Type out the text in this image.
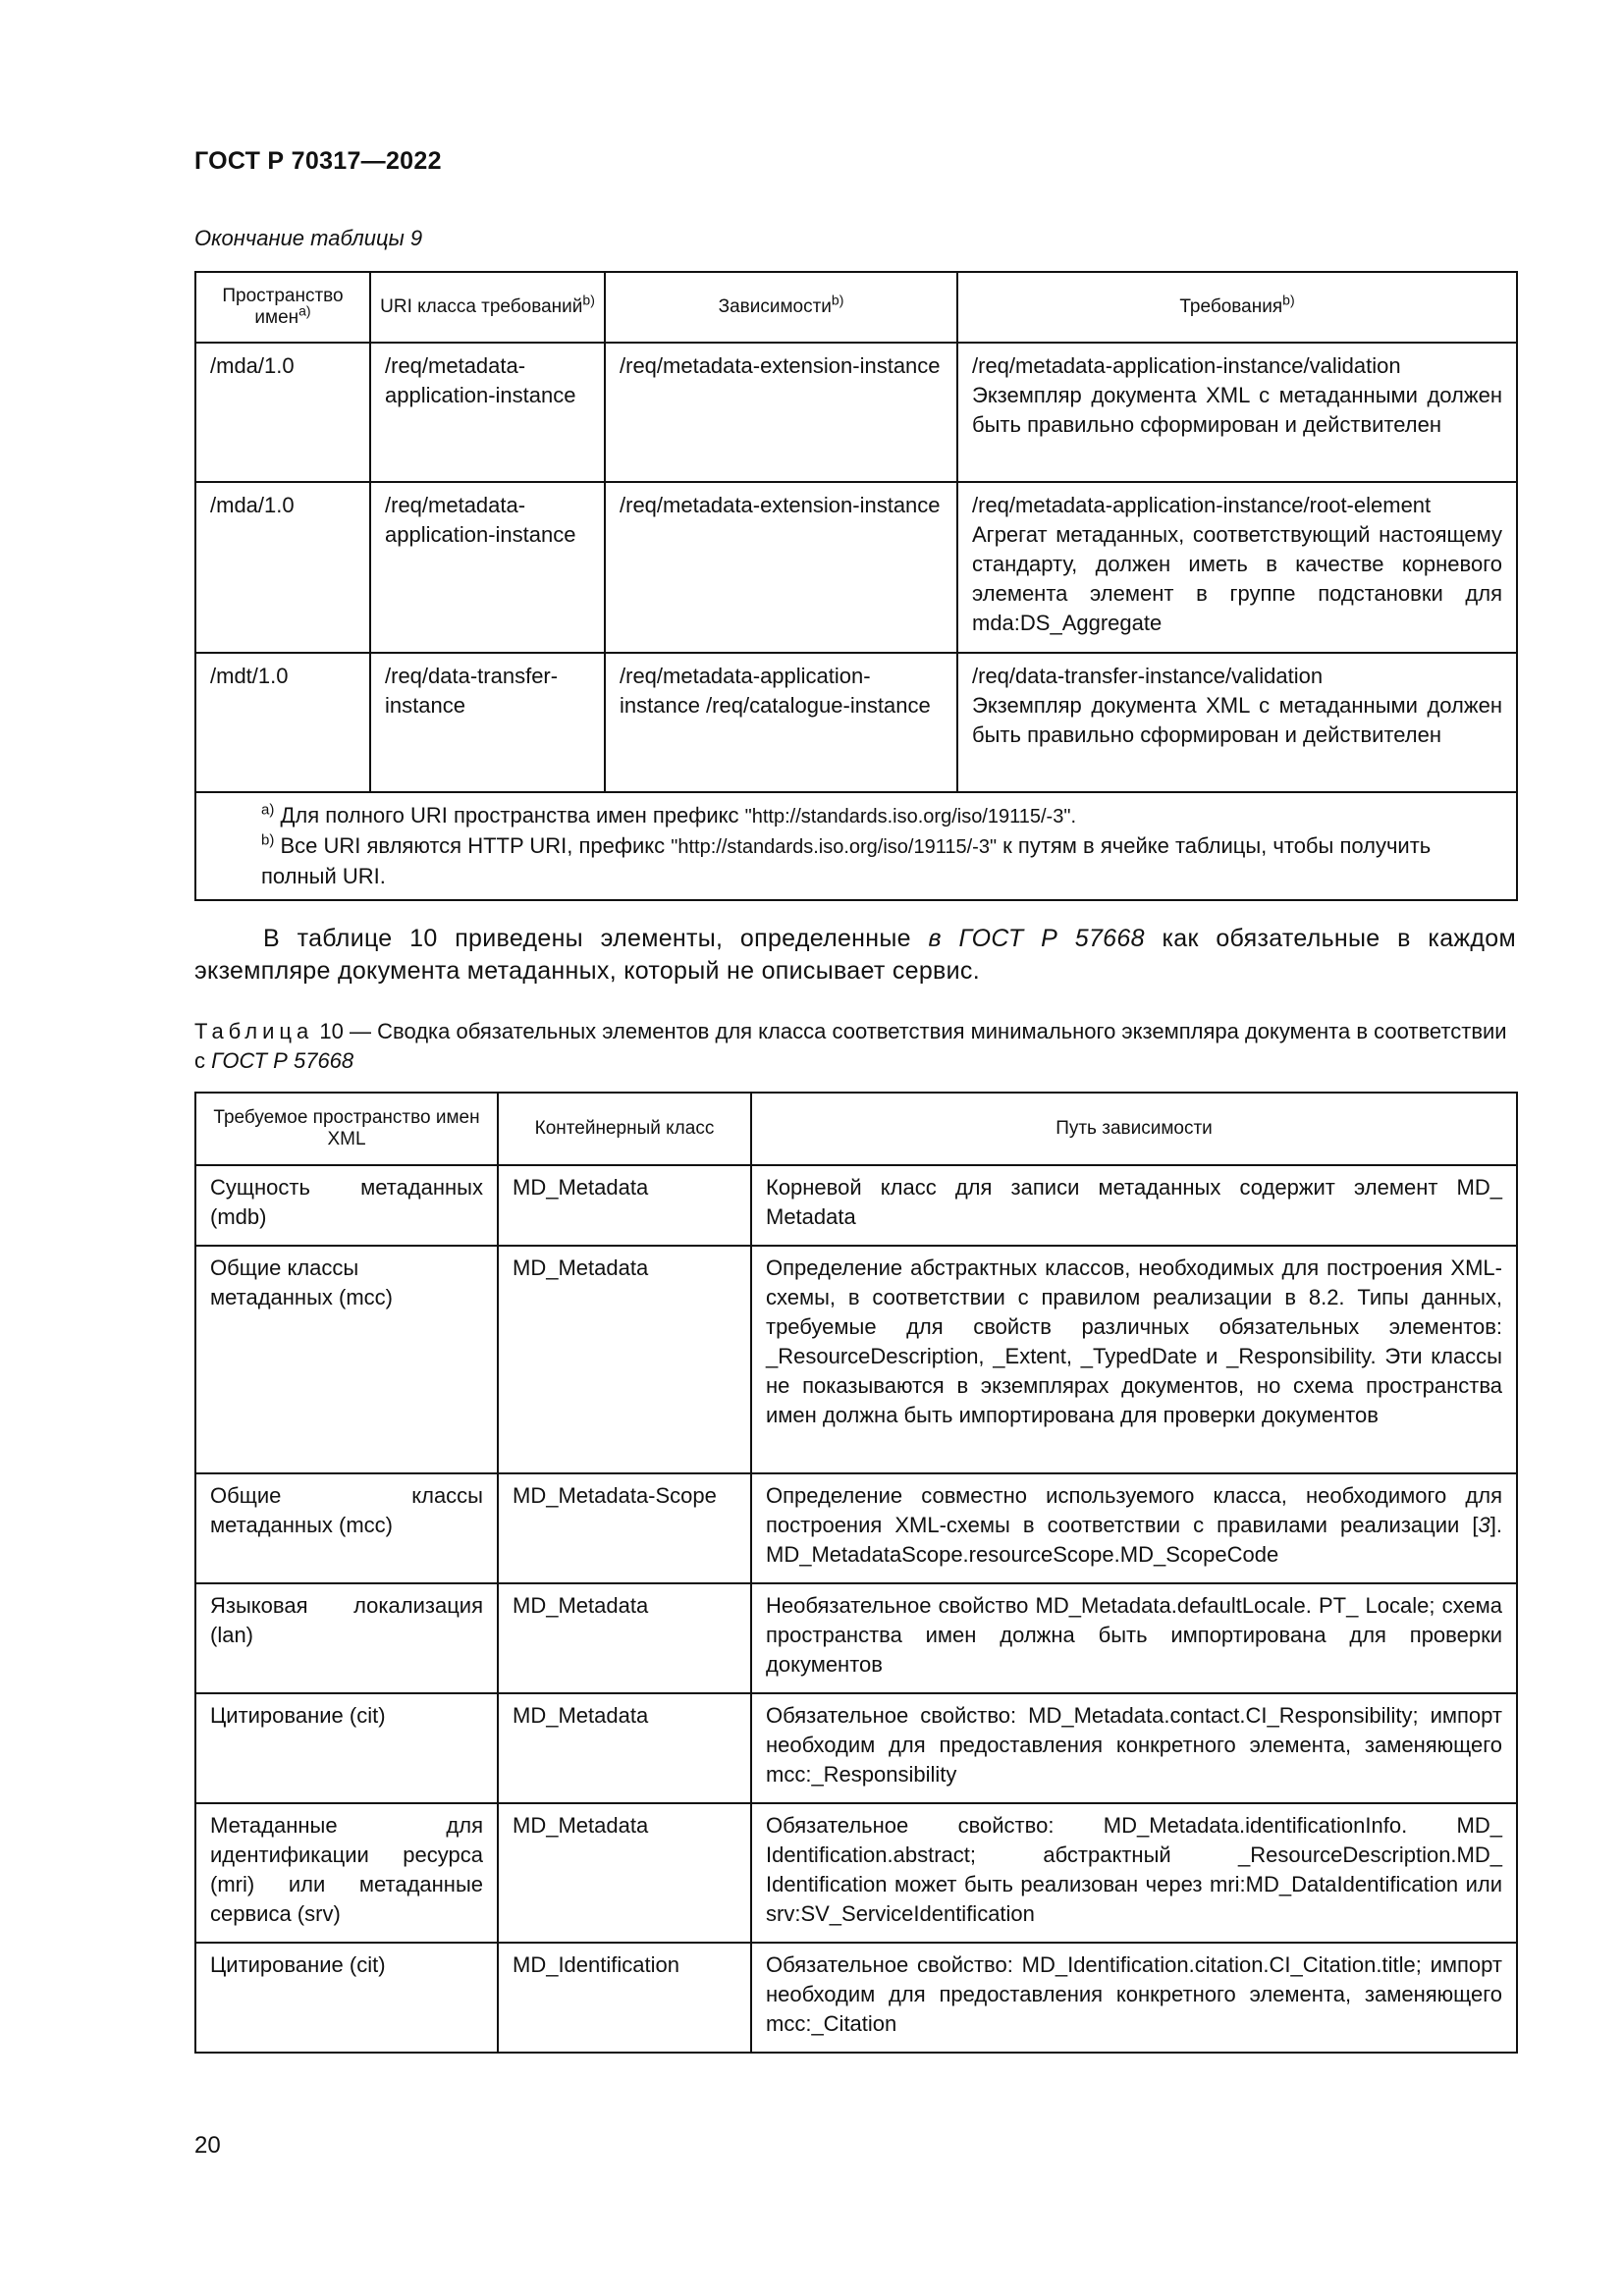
ГОСТ Р 70317—2022
Окончание таблицы 9
Пространство имен$^{a)}$	URI класса требований$^{b)}$	Зависимости$^{b)}$	Требования$^{b)}$
/mda/1.0	/req/metadata-application-instance	/req/metadata-extension-instance	/req/metadata-application-instance/validation
Экземпляр документа XML с метаданными должен быть правильно сформирован и действителен

/mda/1.0	/req/metadata-application-instance	/req/metadata-extension-instance	/req/metadata-application-instance/root-element
Агрегат метаданных, соответствующий настоящему стандарту, должен иметь в качестве корневого элемента элемент в группе подстановки для mda:DS_Aggregate

/mdt/1.0	/req/data-transfer-instance	/req/metadata-application-instance /req/catalogue-instance	/req/data-transfer-instance/validation
Экземпляр документа XML с метаданными должен быть правильно сформирован и действителен

$^{a)}$ Для полного URI пространства имен префикс "http://standards.iso.org/iso/19115/-3".
$^{b)}$ Все URI являются HTTP URI, префикс "http://standards.iso.org/iso/19115/-3" к путям в ячейке таблицы, чтобы получить полный URI.			
В таблице 10 приведены элементы, определенные в ГОСТ Р 57668 как обязательные в каждом экземпляре документа метаданных, который не описывает сервис.
Таблица 10 — Сводка обязательных элементов для класса соответствия минимального экземпляра документа в соответствии с ГОСТ Р 57668
Требуемое пространство имен XML	Контейнерный класс	Путь зависимости
Сущность метаданных (mdb)	MD_Metadata	Корневой класс для записи метаданных содержит элемент MD_ Metadata
Общие классы метаданных (mcc)	MD_Metadata	Определение абстрактных классов, необходимых для построения XML-схемы, в соответствии с правилом реализации в 8.2. Типы данных, требуемые для свойств различных обязательных элементов: _ResourceDescription, _Extent, _TypedDate и _Responsibility. Эти классы не показываются в экземплярах документов, но схема пространства имен должна быть импортирована для проверки документов
Общие классы метаданных (mcc)	MD_Metadata-Scope	Определение совместно используемого класса, необходимого для построения XML-схемы в соответствии с правилами реализации [3]. MD_MetadataScope.resourceScope.MD_ScopeCode
Языковая локализация (lan)	MD_Metadata	Необязательное свойство MD_Metadata.defaultLocale. PT_ Locale; схема пространства имен должна быть импортирована для проверки документов
Цитирование (cit)	MD_Metadata	Обязательное свойство: MD_Metadata.contact.CI_Responsibility; импорт необходим для предоставления конкретного элемента, заменяющего mcc:_Responsibility
Метаданные для идентификации ресурса (mri) или метаданные сервиса (srv)	MD_Metadata	Обязательное свойство: MD_Metadata.identificationInfo. MD_ Identification.abstract; абстрактный _ResourceDescription.MD_ Identification может быть реализован через mri:MD_DataIdentification или srv:SV_ServiceIdentification
Цитирование (cit)	MD_Identification	Обязательное свойство: MD_Identification.citation.CI_Citation.title; импорт необходим для предоставления конкретного элемента, заменяющего mcc:_Citation
20
